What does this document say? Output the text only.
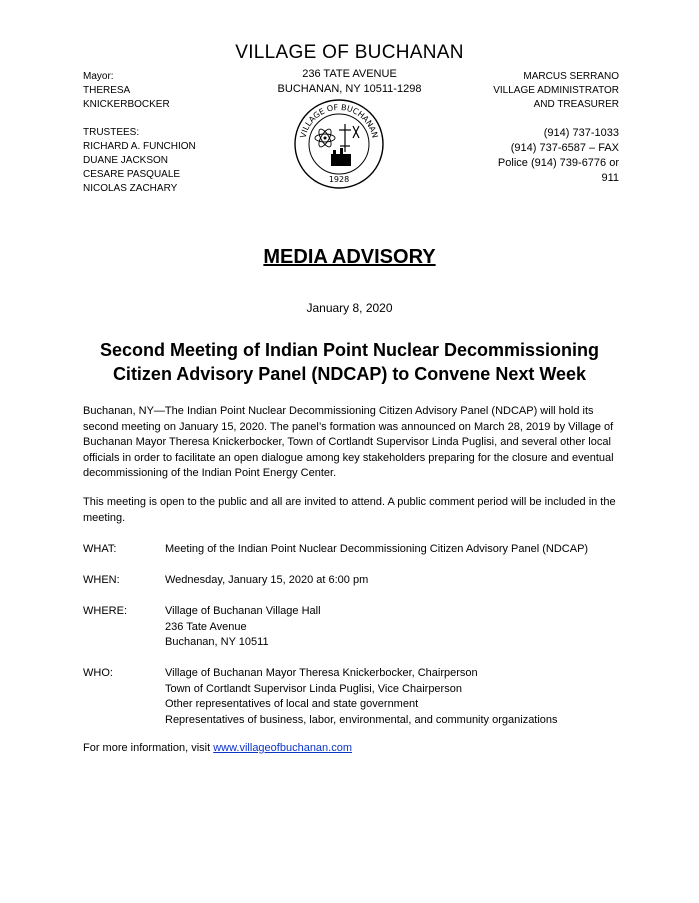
VILLAGE OF BUCHANAN
236 TATE AVENUE
BUCHANAN, NY 10511-1298
Mayor:
THERESA
KNICKERBOCKER
TRUSTEES:
RICHARD A. FUNCHION
DUANE JACKSON
CESARE PASQUALE
NICOLAS ZACHARY
MARCUS SERRANO
VILLAGE ADMINISTRATOR
AND TREASURER
(914) 737-1033
(914) 737-6587 – FAX
Police (914) 739-6776 or
911
VILLAGE OF BUCHANAN
1928
MEDIA ADVISORY
January 8, 2020
Second Meeting of Indian Point Nuclear Decommissioning
Citizen Advisory Panel (NDCAP) to Convene Next Week
Buchanan, NY—The Indian Point Nuclear Decommissioning Citizen Advisory Panel (NDCAP) will hold its second meeting on January 15, 2020. The panel’s formation was announced on March 28, 2019 by Village of Buchanan Mayor Theresa Knickerbocker, Town of Cortlandt Supervisor Linda Puglisi, and several other local officials in order to facilitate an open dialogue among key stakeholders preparing for the closure and eventual decommissioning of the Indian Point Energy Center.
This meeting is open to the public and all are invited to attend. A public comment period will be included in the meeting.
WHAT:	Meeting of the Indian Point Nuclear Decommissioning Citizen Advisory Panel (NDCAP)
WHEN:	Wednesday, January 15, 2020 at 6:00 pm
WHERE:	Village of Buchanan Village Hall
236 Tate Avenue
Buchanan, NY 10511
WHO:	Village of Buchanan Mayor Theresa Knickerbocker, Chairperson
Town of Cortlandt Supervisor Linda Puglisi, Vice Chairperson
Other representatives of local and state government
Representatives of business, labor, environmental, and community organizations
For more information, visit www.villageofbuchanan.com
